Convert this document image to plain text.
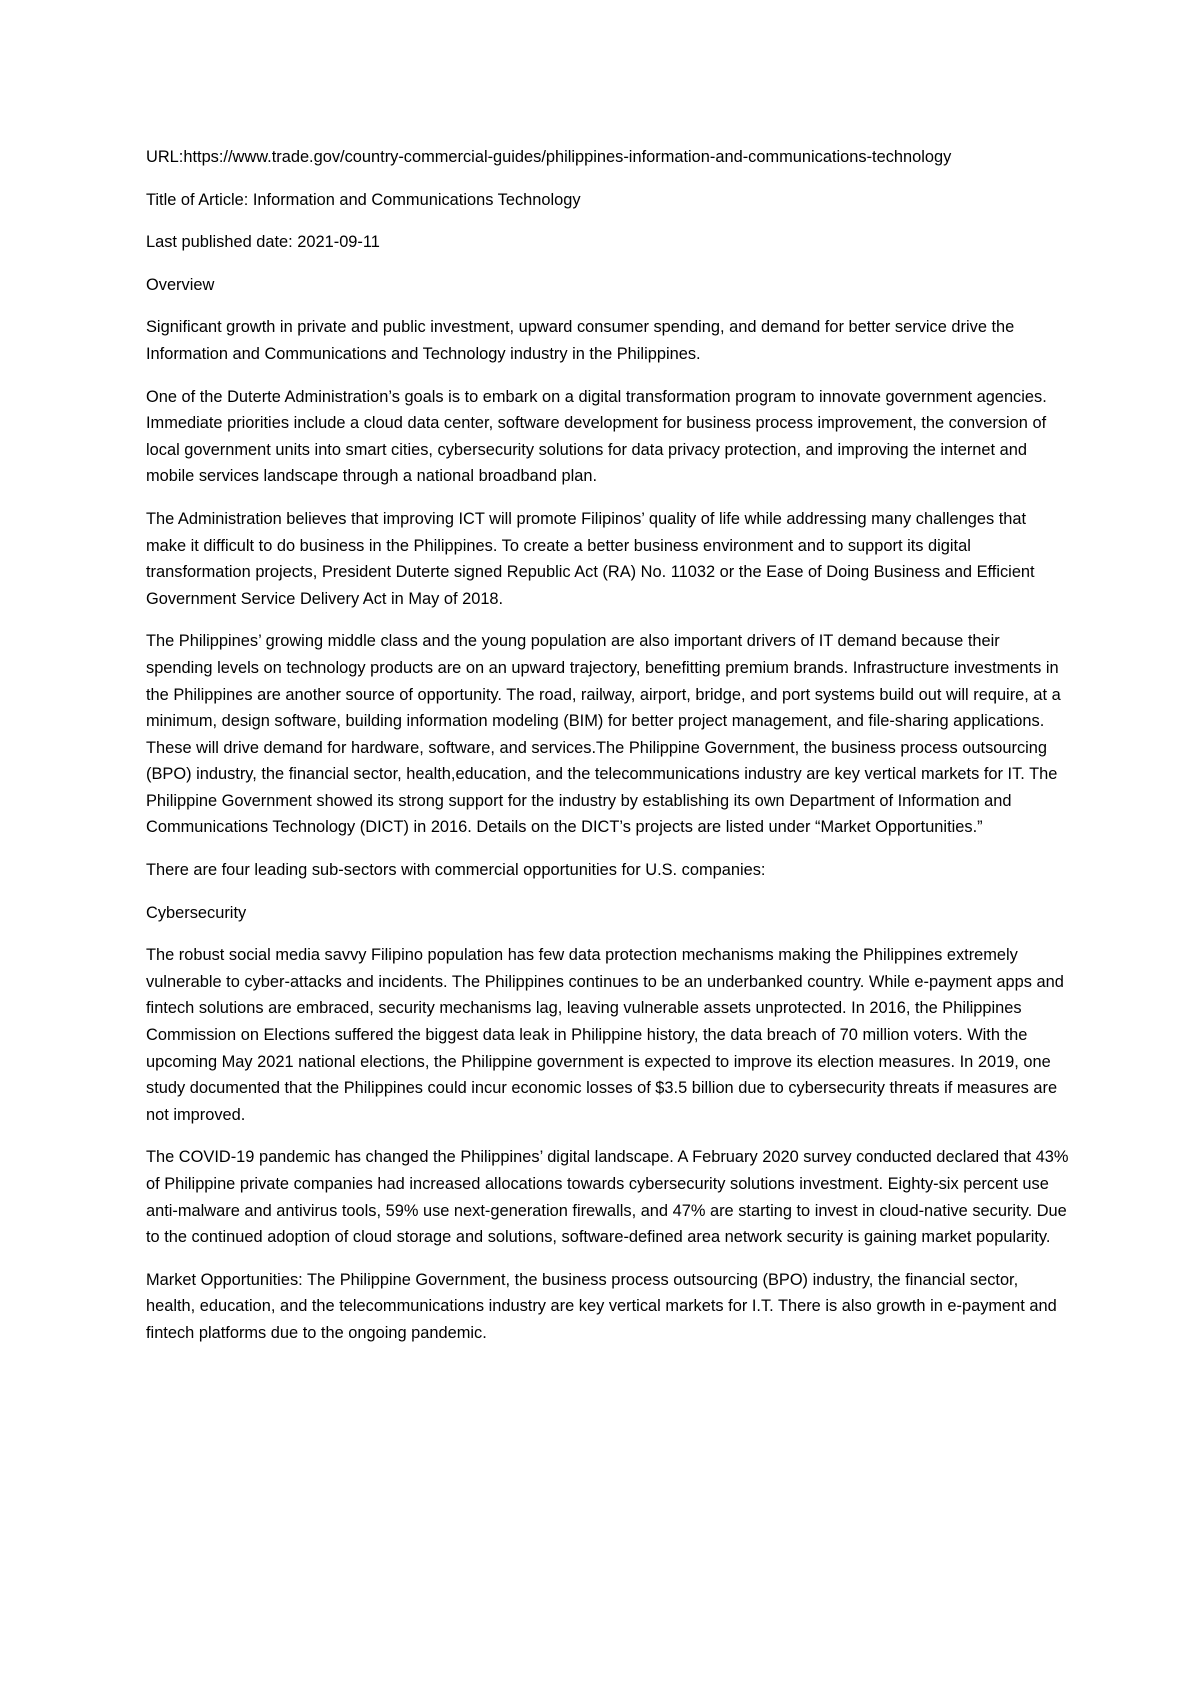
URL:https://www.trade.gov/country-commercial-guides/philippines-information-and-communications-technology

Title of Article: Information and Communications Technology

Last published date: 2021-09-11

Overview

Significant growth in private and public investment, upward consumer spending, and demand for better service drive the Information and Communications and Technology industry in the Philippines.

One of the Duterte Administration’s goals is to embark on a digital transformation program to innovate government agencies. Immediate priorities include a cloud data center, software development for business process improvement, the conversion of local government units into smart cities, cybersecurity solutions for data privacy protection, and improving the internet and mobile services landscape through a national broadband plan.

The Administration believes that improving ICT will promote Filipinos’ quality of life while addressing many challenges that make it difficult to do business in the Philippines. To create a better business environment and to support its digital transformation projects, President Duterte signed Republic Act (RA) No. 11032 or the Ease of Doing Business and Efficient Government Service Delivery Act in May of 2018.

The Philippines’ growing middle class and the young population are also important drivers of IT demand because their spending levels on technology products are on an upward trajectory, benefitting premium brands. Infrastructure investments in the Philippines are another source of opportunity. The road, railway, airport, bridge, and port systems build out will require, at a minimum, design software, building information modeling (BIM) for better project management, and file-sharing applications. These will drive demand for hardware, software, and services.The Philippine Government, the business process outsourcing (BPO) industry, the financial sector, health,education, and the telecommunications industry are key vertical markets for IT. The Philippine Government showed its strong support for the industry by establishing its own Department of Information and Communications Technology (DICT) in 2016. Details on the DICT’s projects are listed under “Market Opportunities.”

There are four leading sub-sectors with commercial opportunities for U.S. companies:

Cybersecurity

The robust social media savvy Filipino population has few data protection mechanisms making the Philippines extremely vulnerable to cyber-attacks and incidents. The Philippines continues to be an underbanked country. While e-payment apps and fintech solutions are embraced, security mechanisms lag, leaving vulnerable assets unprotected. In 2016, the Philippines Commission on Elections suffered the biggest data leak in Philippine history, the data breach of 70 million voters. With the upcoming May 2021 national elections, the Philippine government is expected to improve its election measures. In 2019, one study documented that the Philippines could incur economic losses of $3.5 billion due to cybersecurity threats if measures are not improved.

The COVID-19 pandemic has changed the Philippines’ digital landscape. A February 2020 survey conducted declared that 43% of Philippine private companies had increased allocations towards cybersecurity solutions investment. Eighty-six percent use anti-malware and antivirus tools, 59% use next-generation firewalls, and 47% are starting to invest in cloud-native security. Due to the continued adoption of cloud storage and solutions, software-defined area network security is gaining market popularity.

Market Opportunities: The Philippine Government, the business process outsourcing (BPO) industry, the financial sector, health, education, and the telecommunications industry are key vertical markets for I.T. There is also growth in e-payment and fintech platforms due to the ongoing pandemic.
